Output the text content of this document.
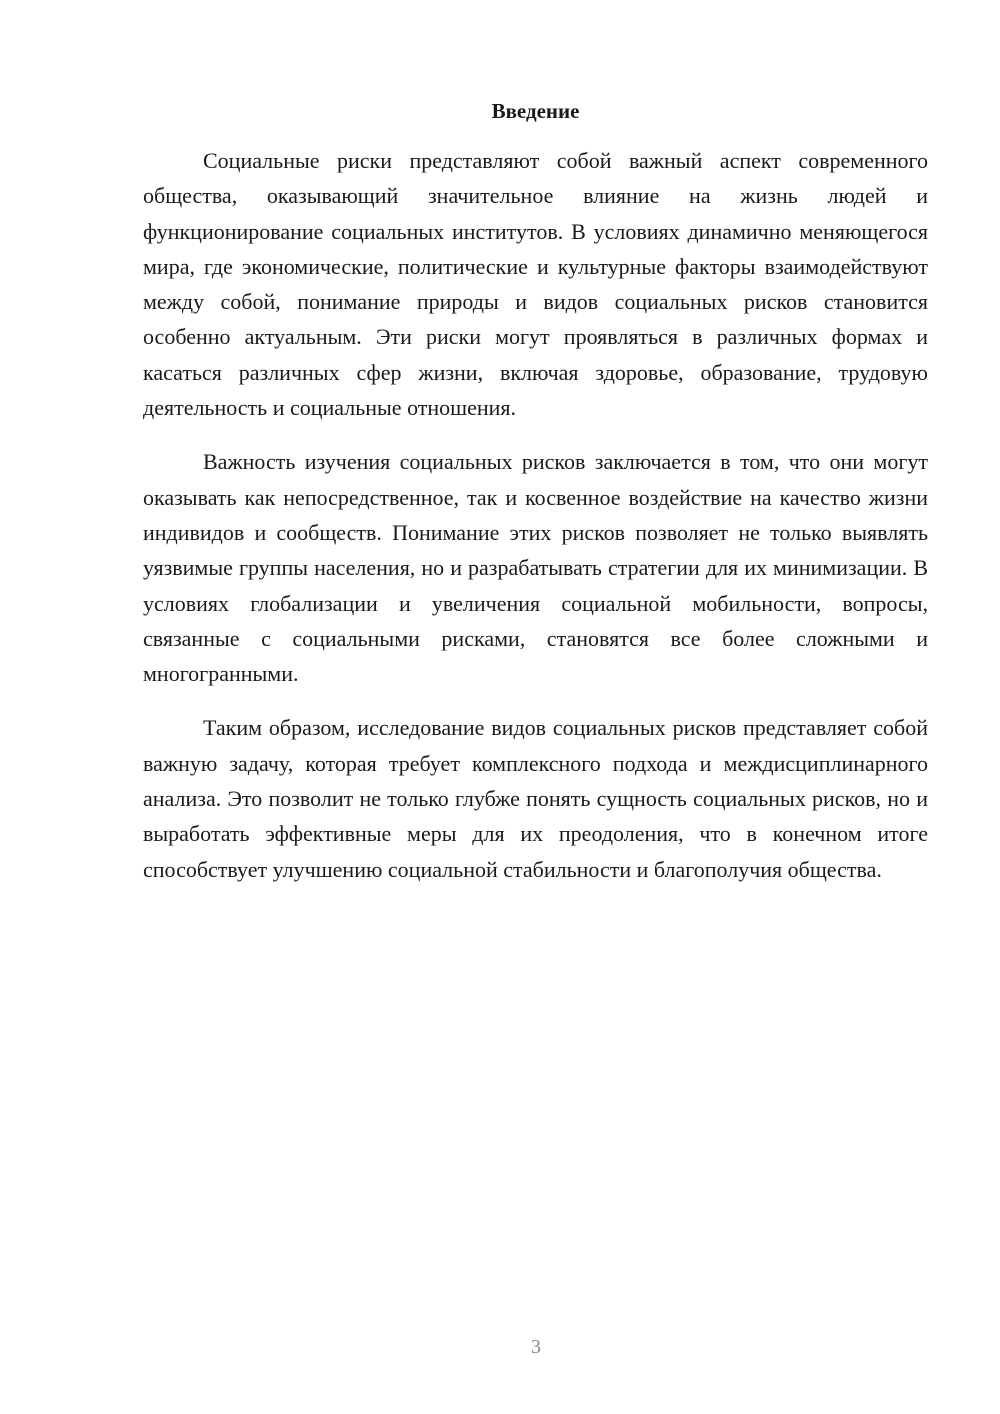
Введение

Социальные риски представляют собой важный аспект современного общества, оказывающий значительное влияние на жизнь людей и функционирование социальных институтов. В условиях динамично меняющегося мира, где экономические, политические и культурные факторы взаимодействуют между собой, понимание природы и видов социальных рисков становится особенно актуальным. Эти риски могут проявляться в различных формах и касаться различных сфер жизни, включая здоровье, образование, трудовую деятельность и социальные отношения.

Важность изучения социальных рисков заключается в том, что они могут оказывать как непосредственное, так и косвенное воздействие на качество жизни индивидов и сообществ. Понимание этих рисков позволяет не только выявлять уязвимые группы населения, но и разрабатывать стратегии для их минимизации. В условиях глобализации и увеличения социальной мобильности, вопросы, связанные с социальными рисками, становятся все более сложными и многогранными.

Таким образом, исследование видов социальных рисков представляет собой важную задачу, которая требует комплексного подхода и междисциплинарного анализа. Это позволит не только глубже понять сущность социальных рисков, но и выработать эффективные меры для их преодоления, что в конечном итоге способствует улучшению социальной стабильности и благополучия общества.

3
